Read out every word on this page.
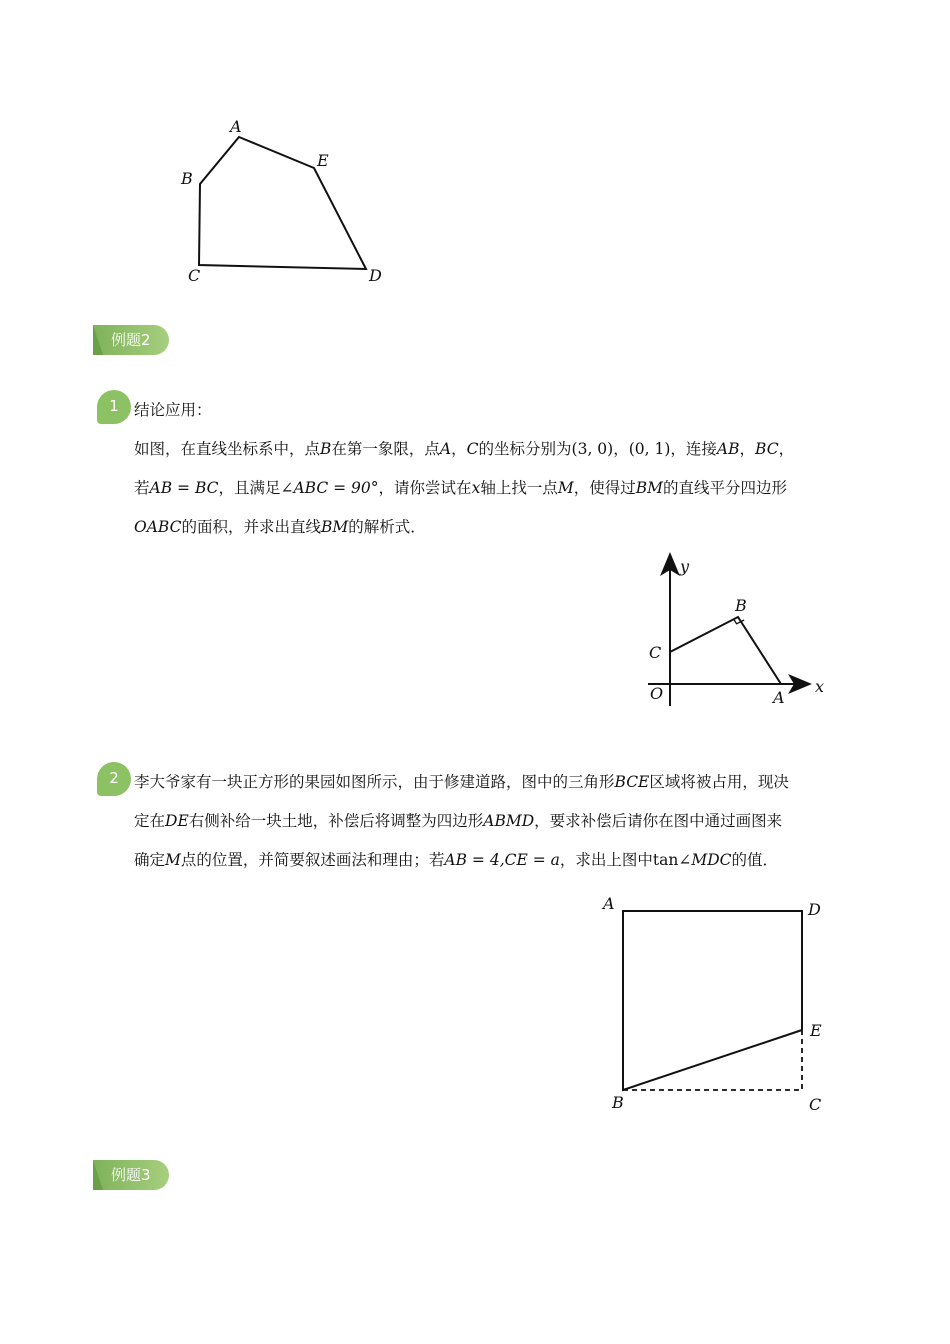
A
E
B
C	D
例题2
1 结论应用：
如图，在直线坐标系中，点B在第一象限，点A，C的坐标分别为(3, 0)，(0, 1)，连接AB，BC，
若AB = BC，且满足∠ABC = 90°，请你尝试在x轴上找一点M，使得过BM的直线平分四边形
OABC的面积，并求出直线BM的解析式．
y
B
C
O	A
x
2 李大爷家有一块正方形的果园如图所示，由于修建道路，图中的三角形BCE区域将被占用，现决
定在DE右侧补给一块土地，补偿后将调整为四边形ABMD，要求补偿后请你在图中通过画图来
确定M点的位置，并简要叙述画法和理由；若AB = 4,CE = a，求出上图中tan∠MDC的值．
A	D
E
B	C
例题3
